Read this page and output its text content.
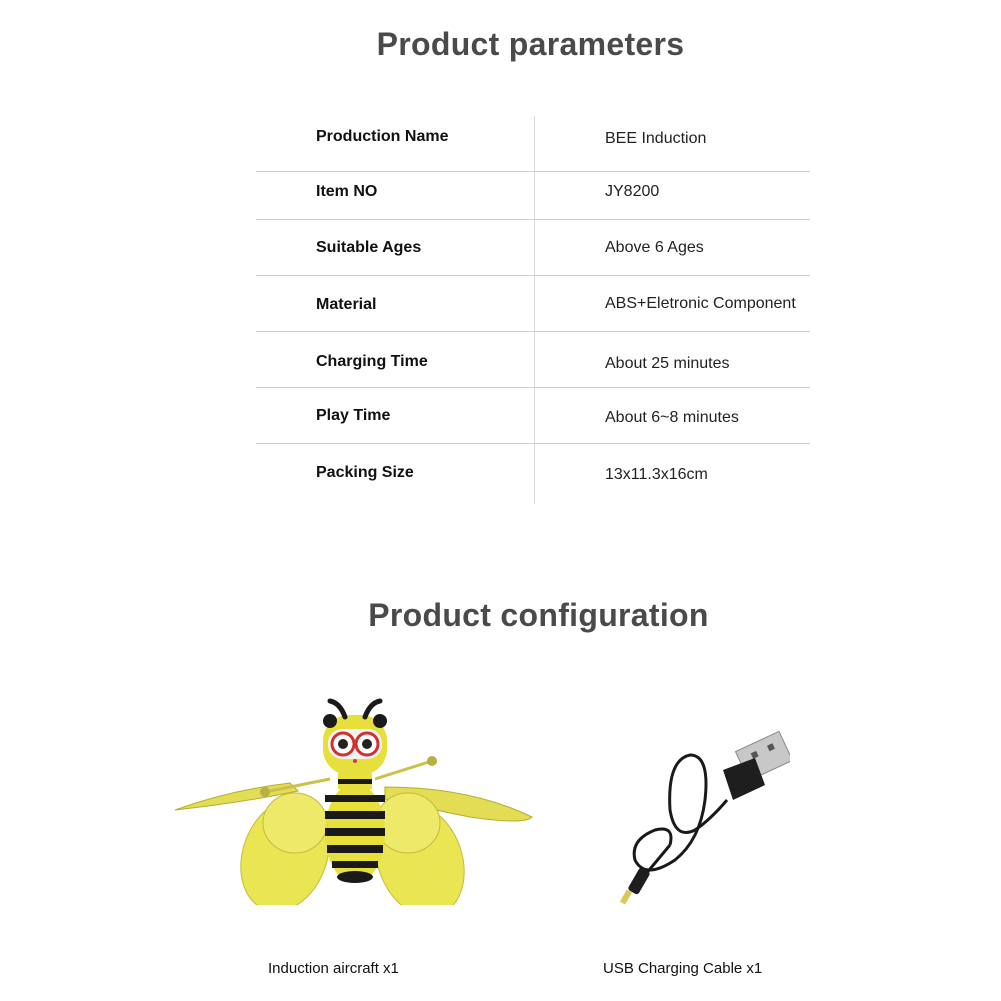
Product parameters
Production Name	BEE Induction
Item NO	JY8200
Suitable Ages	Above 6 Ages
Material	ABS+Eletronic Component
Charging Time	About 25 minutes
Play Time	About 6~8 minutes
Packing Size	13x11.3x16cm
Product configuration
Induction aircraft x1	USB Charging Cable x1
